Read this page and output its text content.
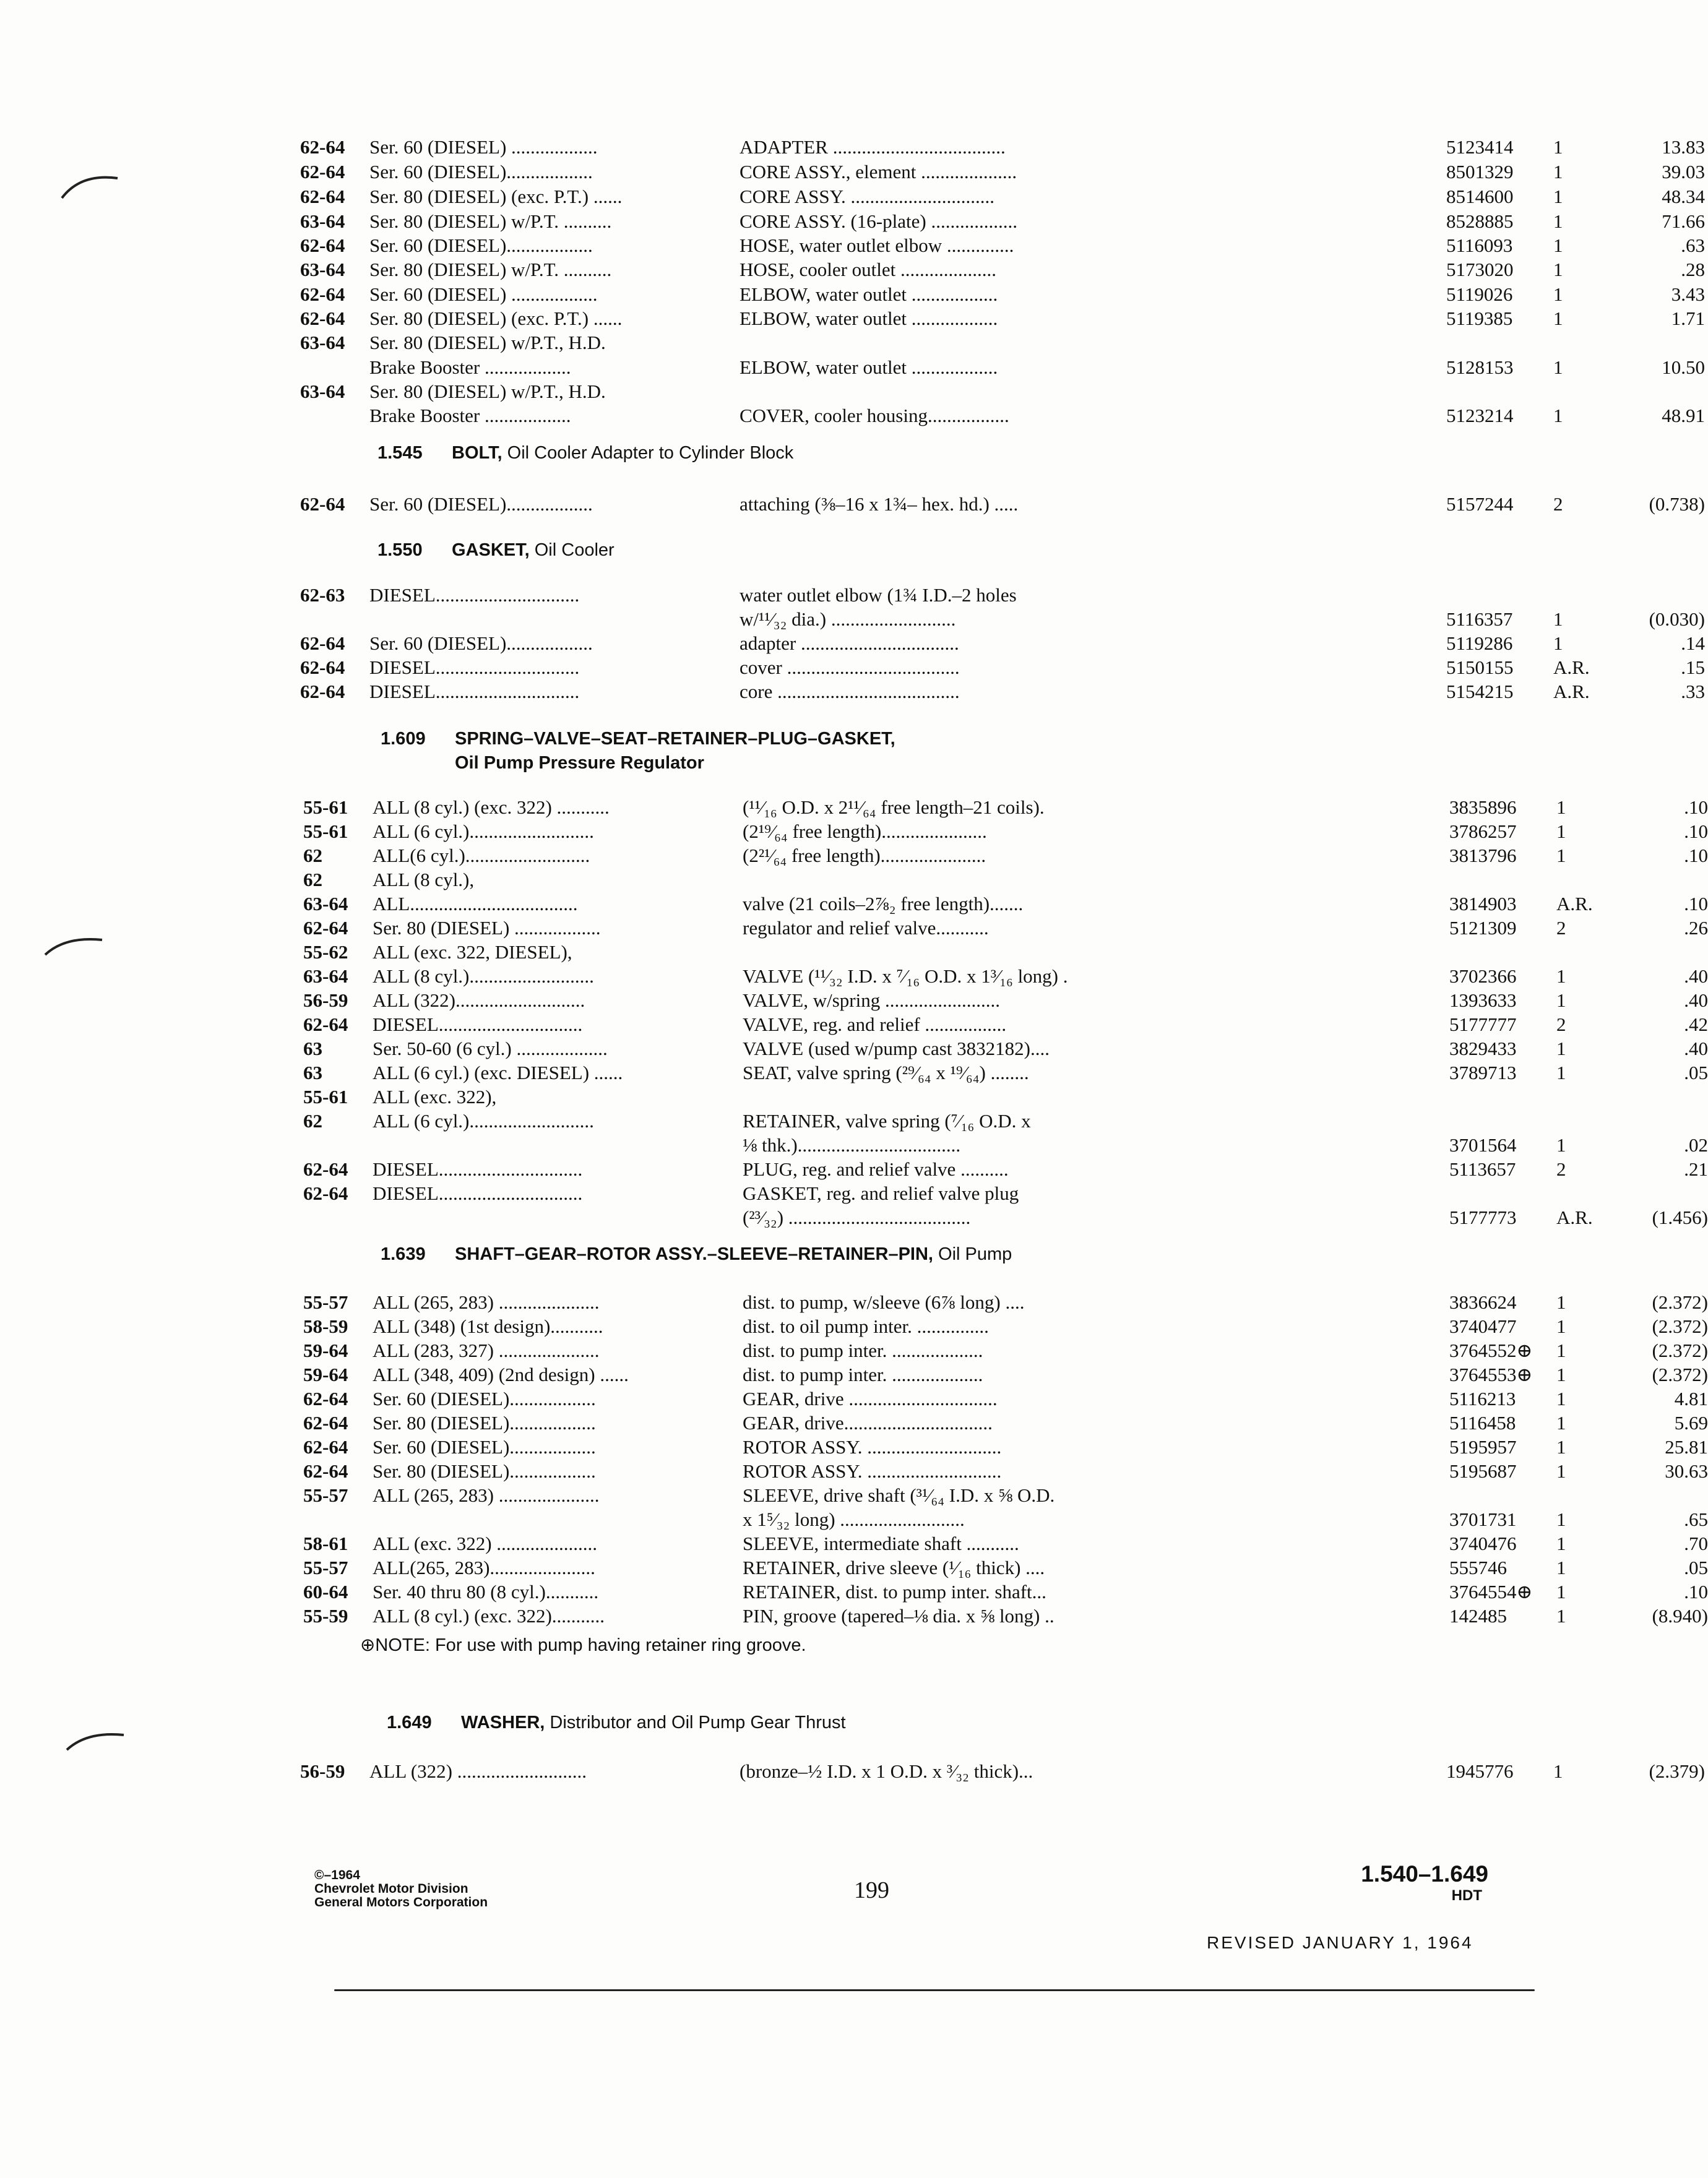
62-64	Ser. 60 (DIESEL) ..................	ADAPTER ....................................	5123414	1	13.83
62-64	Ser. 60 (DIESEL)..................	CORE ASSY., element ....................	8501329	1	39.03
62-64	Ser. 80 (DIESEL) (exc. P.T.) ......	CORE ASSY. ..............................	8514600	1	48.34
63-64	Ser. 80 (DIESEL) w/P.T. ..........	CORE ASSY. (16-plate) ..................	8528885	1	71.66
62-64	Ser. 60 (DIESEL)..................	HOSE, water outlet elbow ..............	5116093	1	.63
63-64	Ser. 80 (DIESEL) w/P.T. ..........	HOSE, cooler outlet ....................	5173020	1	.28
62-64	Ser. 60 (DIESEL) ..................	ELBOW, water outlet ..................	5119026	1	3.43
62-64	Ser. 80 (DIESEL) (exc. P.T.) ......	ELBOW, water outlet ..................	5119385	1	1.71
63-64	Ser. 80 (DIESEL) w/P.T., H.D.
Brake Booster ..................	ELBOW, water outlet ..................	5128153	1	10.50
63-64	Ser. 80 (DIESEL) w/P.T., H.D.
Brake Booster ..................	COVER, cooler housing.................	5123214	1	48.91
62-64	Ser. 60 (DIESEL)..................	attaching (⅜–16 x 1¾– hex. hd.) .....	5157244	2	(0.738)
62-63	DIESEL..............................	water outlet elbow (1¾ I.D.–2 holes
w/¹¹⁄₃₂ dia.) ..........................	5116357	1	(0.030)
62-64	Ser. 60 (DIESEL)..................	adapter .................................	5119286	1	.14
62-64	DIESEL..............................	cover ....................................	5150155	A.R.	.15
62-64	DIESEL..............................	core ......................................	5154215	A.R.	.33
55-61	ALL (8 cyl.) (exc. 322) ...........	(¹¹⁄₁₆ O.D. x 2¹¹⁄₆₄ free length–21 coils).	3835896	1	.10
55-61	ALL (6 cyl.)..........................	(2¹⁹⁄₆₄ free length)......................	3786257	1	.10
62	ALL(6 cyl.)..........................	(2²¹⁄₆₄ free length)......................	3813796	1	.10
62	ALL (8 cyl.),
63-64	ALL...................................	valve (21 coils–2⅞₂ free length).......	3814903	A.R.	.10
62-64	Ser. 80 (DIESEL) ..................	regulator and relief valve...........	5121309	2	.26
55-62	ALL (exc. 322, DIESEL),
63-64	ALL (8 cyl.)..........................	VALVE (¹¹⁄₃₂ I.D. x ⁷⁄₁₆ O.D. x 1³⁄₁₆ long) .	3702366	1	.40
56-59	ALL (322)...........................	VALVE, w/spring ........................	1393633	1	.40
62-64	DIESEL..............................	VALVE, reg. and relief .................	5177777	2	.42
63	Ser. 50-60 (6 cyl.) ...................	VALVE (used w/pump cast 3832182)....	3829433	1	.40
63	ALL (6 cyl.) (exc. DIESEL) ......	SEAT, valve spring (²⁹⁄₆₄ x ¹⁹⁄₆₄) ........	3789713	1	.05
55-61	ALL (exc. 322),
62	ALL (6 cyl.)..........................	RETAINER, valve spring (⁷⁄₁₆ O.D. x
⅛ thk.)..................................	3701564	1	.02
62-64	DIESEL..............................	PLUG, reg. and relief valve ..........	5113657	2	.21
62-64	DIESEL..............................	GASKET, reg. and relief valve plug
(²³⁄₃₂) ......................................	5177773	A.R.	(1.456)
55-57	ALL (265, 283) .....................	dist. to pump, w/sleeve (6⅞ long) ....	3836624	1	(2.372)
58-59	ALL (348) (1st design)...........	dist. to oil pump inter. ...............	3740477	1	(2.372)
59-64	ALL (283, 327) .....................	dist. to pump inter. ...................	3764552⊕	1	(2.372)
59-64	ALL (348, 409) (2nd design) ......	dist. to pump inter. ...................	3764553⊕	1	(2.372)
62-64	Ser. 60 (DIESEL)..................	GEAR, drive ...............................	5116213	1	4.81
62-64	Ser. 80 (DIESEL)..................	GEAR, drive...............................	5116458	1	5.69
62-64	Ser. 60 (DIESEL)..................	ROTOR ASSY. ............................	5195957	1	25.81
62-64	Ser. 80 (DIESEL)..................	ROTOR ASSY. ............................	5195687	1	30.63
55-57	ALL (265, 283) .....................	SLEEVE, drive shaft (³¹⁄₆₄ I.D. x ⅝ O.D.
x 1⁵⁄₃₂ long) ..........................	3701731	1	.65
58-61	ALL (exc. 322) .....................	SLEEVE, intermediate shaft ...........	3740476	1	.70
55-57	ALL(265, 283)......................	RETAINER, drive sleeve (¹⁄₁₆ thick) ....	555746	1	.05
60-64	Ser. 40 thru 80 (8 cyl.)...........	RETAINER, dist. to pump inter. shaft...	3764554⊕	1	.10
55-59	ALL (8 cyl.) (exc. 322)...........	PIN, groove (tapered–⅛ dia. x ⅝ long) ..	142485	1	(8.940)
56-59	ALL (322) ...........................	(bronze–½ I.D. x 1 O.D. x ³⁄₃₂ thick)...	1945776	1	(2.379)
1.545 BOLT, Oil Cooler Adapter to Cylinder Block
1.550 GASKET, Oil Cooler
1.609 SPRING–VALVE–SEAT–RETAINER–PLUG–GASKET,
Oil Pump Pressure Regulator
1.639 SHAFT–GEAR–ROTOR ASSY.–SLEEVE–RETAINER–PIN, Oil Pump
1.649 WASHER, Distributor and Oil Pump Gear Thrust
⊕NOTE: For use with pump having retainer ring groove.
©–1964
Chevrolet Motor Division
General Motors Corporation	199
1.540–1.649
HDT
REVISED JANUARY 1, 1964
